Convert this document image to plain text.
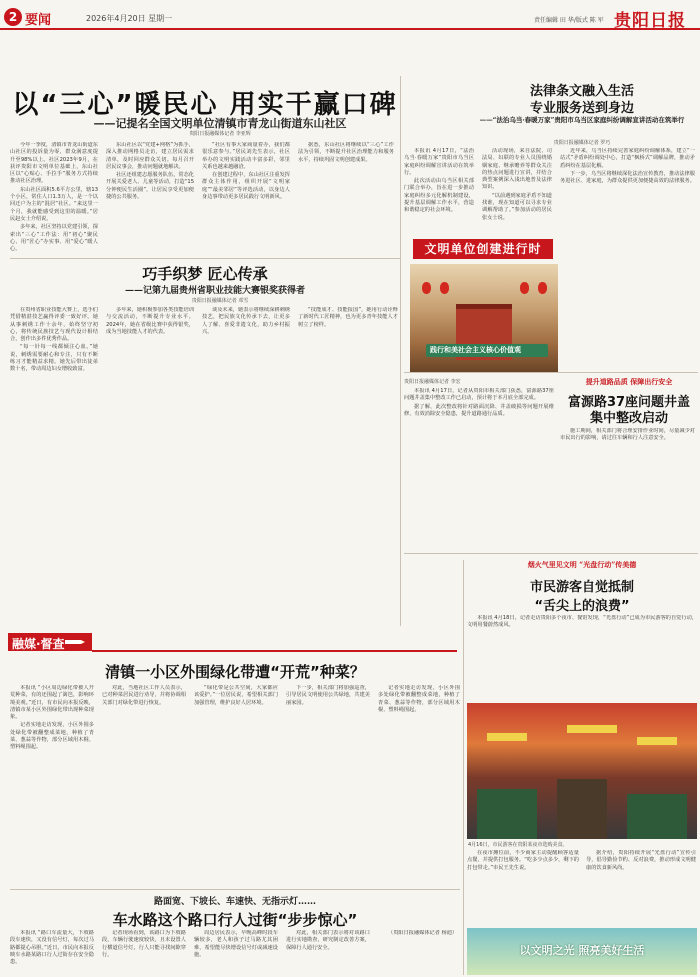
2 要闻	2026年4月20日 星期一	责任编辑 田 华/版式 陈 军 贵阳日报
以“三心”暖民心 用实干赢口碑
——记提名全国文明单位清镇市青龙山街道东山社区
贵阳日报融媒体记者 李亚辉

今年一季度，清镇市青龙山街道东山社区的投诉量为零，群众满意度提升至98%以上。社区2023年9月，在获评贵阳市文明单位基础上，东山社区以“心贴心、手拉手”服务方式持续推动社区治理。

东山社区面积5.6平方公里，辖13个小区，常住人口1.3万人，是一个以回迁户为主的“混居”社区。“来这里一个月，我就能感受到这里的温暖。”居民赵女士介绍说。

多年来，社区坚持以党建引领，探索出“三心”工作法：用“初心”聚民心、用“匠心”办实事、用“爱心”暖人心。

东山社区以“党建+网格”为抓手，深入推动网格员走访，建立居民需求清单，及时回应群众关切。每月召开居民议事会，推动问题就地解决。

社区还组建志愿服务队伍，常态化开展关爱老人、儿童等活动，打造“15分钟便民生活圈”，让居民享受更加便捷的公共服务。

“社区有事大家商量着办，我们都很乐意参与。”居民刘先生表示，社区举办的文明实践活动丰富多彩，邻里关系也越来越融洽。

在创建过程中，东山社区注重发挥群众主体作用，组织开展“文明家庭”“最美邻居”等评选活动，以身边人身边事带动更多居民践行文明新风。

据悉，东山社区将继续以“三心”工作法为引领，不断提升社区治理能力和服务水平，持续巩固文明创建成果。

法律条文融入生活
专业服务送到身边
——“法治乌当·春暖万家”贵阳市乌当区家庭纠纷调解宣讲活动在筑举行
贵阳日报融媒体记者 罗巧

本报讯 4月17日，“法治乌当·春暖万家”贵阳市乌当区家庭纠纷调解宣讲活动在筑举行。

此次活动由乌当区相关部门联合举办，旨在进一步推动家庭纠纷多元化解机制建设，提升基层调解工作水平，营造和谐稳定的社会环境。

活动现场，来自法院、司法局、妇联的专业人员围绕婚姻家庭、继承赡养等群众关注的热点问题进行宣讲，并结合典型案例深入浅出地普及法律知识。

“以前遇到家庭矛盾不知道找谁，现在知道可以寻求专业调解帮助了。”参加活动的居民张女士说。

近年来，乌当区持续完善家庭纠纷调解体系，建立“一站式”矛盾纠纷调处中心，打造“枫桥式”调解品牌，推动矛盾纠纷在基层化解。

下一步，乌当区将继续深化法治宣传教育，推动法律服务进社区、进家庭，为群众提供更加便捷高效的法律服务。

文明单位创建进行时
践行和美社会主义核心价值观
巧手织梦 匠心传承
——记第九届贵州省职业技能大赛银奖获得者
贵阳日报融媒体记者 邓雪

在贵州省职业技能大赛上，选手们凭借精湛技艺赢得评委一致好评。她从事刺绣工作十余年，始终坚守初心，将传统民族技艺与现代设计相结合，创作出多件优秀作品。

“每一针每一线都倾注心血。”她说，刺绣需要耐心和专注，只有不断练习才能精益求精。她先后带出徒弟数十名，带动周边妇女增收致富。

多年来，她积极参加各类技能培训与交流活动，不断提升专业水平。2024年，她在省级比赛中获得银奖，成为当地技能人才的代表。

谈及未来，她表示将继续深耕刺绣技艺，把民族文化传承下去，让更多人了解、喜爱非遗文化，助力乡村振兴。

“技能成才、技能报国”，她用行动诠释了新时代工匠精神，也为更多青年技能人才树立了榜样。

提升道路品质 保障出行安全
富源路37座问题井盖
集中整改启动
贵阳日报融媒体记者 李宏

本报讯 4月17日，记者从贵阳市相关部门获悉，富源路37座问题井盖集中整改工作已启动，预计将于本月底全部完成。

据了解，此次整改将针对路面沉降、井盖破损等问题开展维修，有效消除安全隐患，提升道路通行品质。

施工期间，相关部门将合理安排作业时间，尽量减少对市民出行的影响，请过往车辆和行人注意安全。

烟火气里见文明 “光盘行动”传美德
市民游客自觉抵制
“舌尖上的浪费”

本报讯 4月18日，记者走访贵阳多个夜市、餐馆发现，“光盘行动”已成为市民游客的自觉行动，文明用餐蔚然成风。

4月16日，市民游客在贵阳某夜市选购美食。

在夜市摊位前，不少商家主动提醒顾客适量点餐，并提供打包服务。“吃多少点多少，剩下的打包带走。”市民王先生说。

据介绍，贵阳持续开展“光盘行动”宣传引导，倡导勤俭节约、反对浪费，推动形成文明健康的饮食新风尚。

以文明之光 照亮美好生活
融媒·督查
清镇一小区外围绿化带遭“开荒”种菜？

本报讯 “小区周边绿化带被人开荒种菜，有的还围起了篱笆，影响环境美观。”近日，有市民向本报反映，清镇市某小区外围绿化带出现种菜现象。

记者实地走访发现，小区外围多处绿化带被翻整成菜地，种植了青菜、葱蒜等作物，部分区域用木棍、塑料绳围起。

对此，当地社区工作人员表示，已对种菜居民进行劝导，并将协调相关部门对绿化带进行恢复。

“绿化带是公共空间，大家都应该爱护。”一位居民说，希望相关部门加强管理，维护良好人居环境。

下一步，相关部门将加强巡查，引导居民文明使用公共绿地，共建美丽家园。

记者实地走访发现，小区外围多处绿化带被翻整成菜地，种植了青菜、葱蒜等作物，部分区域用木棍、塑料绳围起。

路面宽、下坡长、车速快、无指示灯……
车水路这个路口行人过街“步步惊心”

本报讯 “路口车流量大，下坡路段车速快，又没有信号灯，每次过马路都提心吊胆。”近日，市民向本报反映车水路某路口行人过街存在安全隐患。

记者现场看到，该路口为下坡路段，车辆行驶速度较快，且未设置人行横道信号灯，行人只能寻找间隙穿行。

周边居民表示，早晚高峰时段车辆较多，老人和孩子过马路尤其困难，希望能尽快增设信号灯或减速设施。

对此，相关部门表示将对该路口进行实地勘查，研究制定改善方案，保障行人通行安全。

（贵阳日报融媒体记者 杨迪）
